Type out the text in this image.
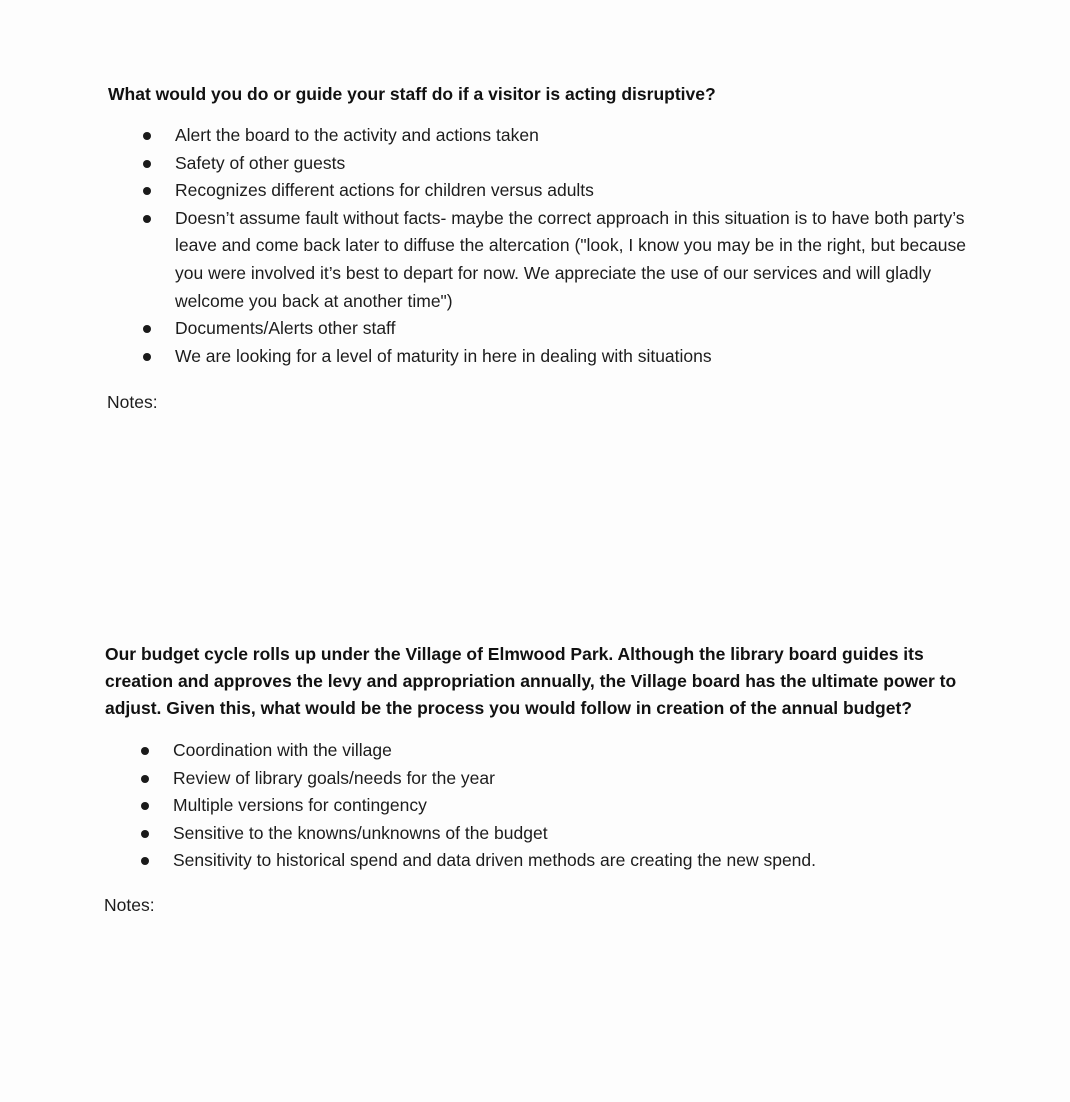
What would you do or guide your staff do if a visitor is acting disruptive?

Alert the board to the activity and actions taken
Safety of other guests
Recognizes different actions for children versus adults
Doesn’t assume fault without facts- maybe the correct approach in this situation is to have both party’s leave and come back later to diffuse the altercation ("look, I know you may be in the right, but because you were involved it’s best to depart for now. We appreciate the use of our services and will gladly welcome you back at another time")
Documents/Alerts other staff
We are looking for a level of maturity in here in dealing with situations

Notes:

Our budget cycle rolls up under the Village of Elmwood Park. Although the library board guides its creation and approves the levy and appropriation annually, the Village board has the ultimate power to adjust. Given this, what would be the process you would follow in creation of the annual budget?

Coordination with the village
Review of library goals/needs for the year
Multiple versions for contingency
Sensitive to the knowns/unknowns of the budget
Sensitivity to historical spend and data driven methods are creating the new spend.

Notes:
